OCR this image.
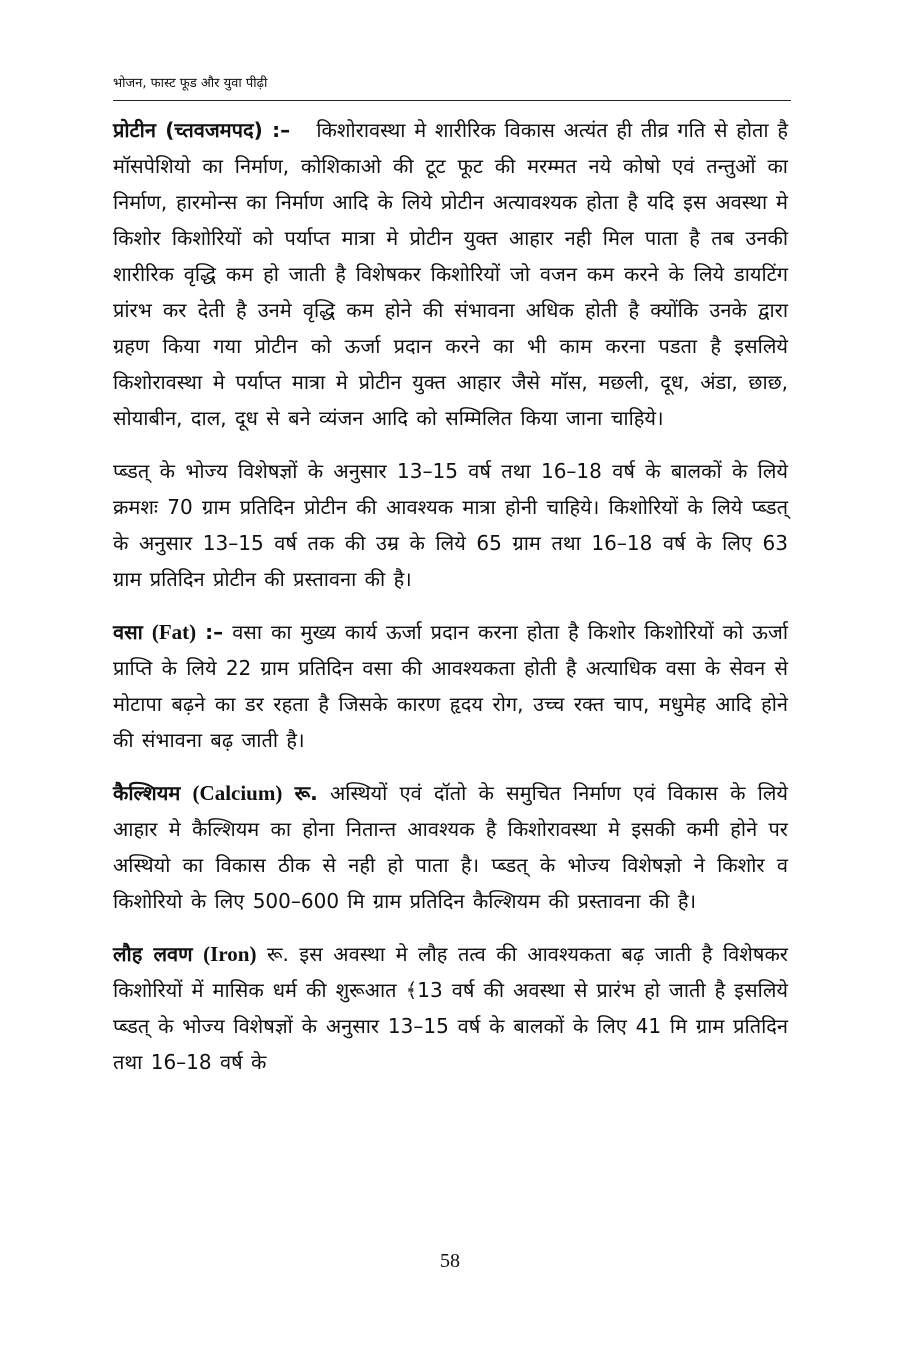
भोजन, फास्ट फूड और युवा पीढ़ी

प्रोटीन (च्तवजमपद) :– किशोरावस्था मे शारीरिक विकास अत्यंत ही तीव्र गति से होता है मॉसपेशियो का निर्माण, कोशिकाओ की टूट फूट की मरम्मत नये कोषो एवं तन्तुओं का निर्माण, हारमोन्स का निर्माण आदि के लिये प्रोटीन अत्यावश्यक होता है यदि इस अवस्था मे किशोर किशोरियों को पर्याप्त मात्रा मे प्रोटीन युक्त आहार नही मिल पाता है तब उनकी शारीरिक वृद्धि कम हो जाती है विशेषकर किशोरियों जो वजन कम करने के लिये डायटिंग प्रांरभ कर देती है उनमे वृद्धि कम होने की संभावना अधिक होती है क्योंकि उनके द्वारा ग्रहण किया गया प्रोटीन को ऊर्जा प्रदान करने का भी काम करना पडता है इसलिये किशोरावस्था मे पर्याप्त मात्रा मे प्रोटीन युक्त आहार जैसे मॉस, मछली, दूध, अंडा, छाछ, सोयाबीन, दाल, दूध से बने व्यंजन आदि को सम्मिलित किया जाना चाहिये।

प्ब्डत् के भोज्य विशेषज्ञों के अनुसार 13–15 वर्ष तथा 16–18 वर्ष के बालकों के लिये क्रमशः 70 ग्राम प्रतिदिन प्रोटीन की आवश्यक मात्रा होनी चाहिये। किशोरियों के लिये प्ब्डत् के अनुसार 13–15 वर्ष तक की उम्र के लिये 65 ग्राम तथा 16–18 वर्ष के लिए 63 ग्राम प्रतिदिन प्रोटीन की प्रस्तावना की है।

वसा (Fat) :– वसा का मुख्य कार्य ऊर्जा प्रदान करना होता है किशोर किशोरियों को ऊर्जा प्राप्ति के लिये 22 ग्राम प्रतिदिन वसा की आवश्यकता होती है अत्याधिक वसा के सेवन से मोटापा बढ़ने का डर रहता है जिसके कारण हृदय रोग, उच्च रक्त चाप, मधुमेह आदि होने की संभावना बढ़ जाती है।

कैल्शियम (Calcium) रू. अस्थियों एवं दॉतो के समुचित निर्माण एवं विकास के लिये आहार मे कैल्शियम का होना नितान्त आवश्यक है किशोरावस्था मे इसकी कमी होने पर अस्थियो का विकास ठीक से नही हो पाता है। प्ब्डत् के भोज्य विशेषज्ञो ने किशोर व किशोरियो के लिए 500–600 मि ग्राम प्रतिदिन कैल्शियम की प्रस्तावना की है।

लौह लवण (Iron) रू. इस अवस्था मे लौह तत्व की आवश्यकता बढ़ जाती है विशेषकर किशोरियों में मासिक धर्म की शुरूआत ﴾13 वर्ष की अवस्था से प्रारंभ हो जाती है इसलिये प्ब्डत् के भोज्य विशेषज्ञों के अनुसार 13–15 वर्ष के बालकों के लिए 41 मि ग्राम प्रतिदिन तथा 16–18 वर्ष के

58
